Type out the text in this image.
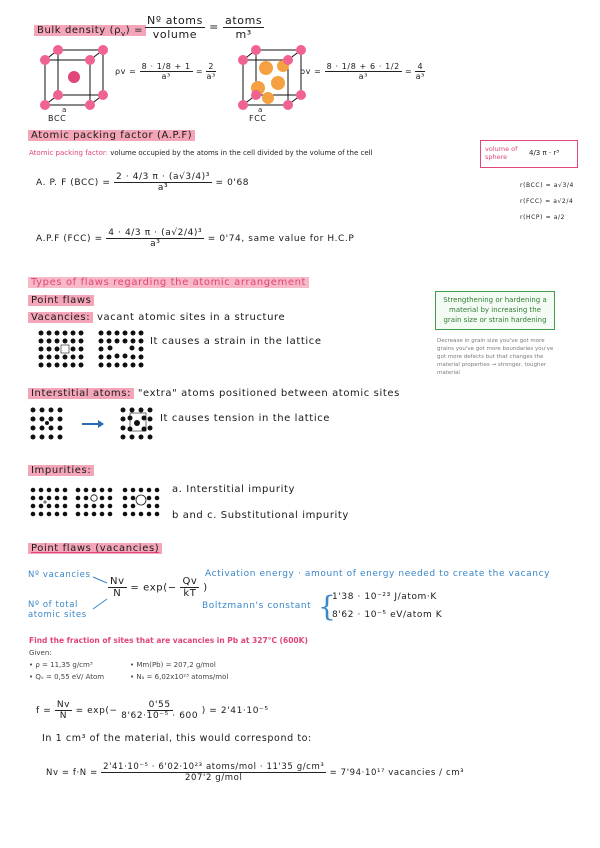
Bulk density $(\rho_v) = \frac{\text{Nº atoms}}{\text{volume}} = \frac{\text{atoms}}{\text{m³}}$
a
BCC
$\rho v = \frac{8 \cdot 1/8 + 1}{\text{a³}} = \frac{2}{\text{a³}}$
a
FCC
$\rho v = \frac{8 \cdot 1/8 + 6 \cdot 1/2}{\text{a³}} = \frac{4}{\text{a³}}$
Atomic packing factor (A.P.F)
Atomic packing factor: volume occupied by the atoms in the cell divided by the volume of the cell
A. P. F $(BCC) = \frac{\text{2 · 4/3 π · (a√3/4)³}}{\text{a³}} = 0'68$
A.P.F $(FCC) = \frac{\text{4 · 4/3 π · (a√2/4)³}}{\text{a³}} = 0'74$, same value for H.C.P
volume of sphere	4/3 π · r³
r(BCC) = a√3/4
r(FCC) = a√2/4
r(HCP) = a/2
Types of flaws regarding the atomic arrangement
Point flaws
Vacancies: vacant atomic sites in a structure
It causes a strain in the lattice
Interstitial atoms: "extra" atoms positioned between atomic sites
It causes tension in the lattice
Impurities:
a. Interstitial impurity
b and c. Substitutional impurity
Strengthening or hardening a material by increasing the grain size or strain hardening
Decrease in grain size you've got more grains you've got more boundaries you've got more defects but that changes the material properties → stronger, tougher material
Point flaws (vacancies)
Nº vacancies
Nº of total atomic sites
$\frac{Nv}{N} = \exp(- \frac{Qv}{kT}$ )
Activation energy · amount of energy needed to create the vacancy
Boltzmann's constant {
1'38 · 10⁻²³ J/atom·K
8'62 · 10⁻⁵ eV/atom K
Find the fraction of sites that are vacancies in Pb at 327°C (600K)
Given:
• ρ = 11,35 g/cm³	• Mm(Pb) = 207,2 g/mol
• Qᵥ = 0,55 eV/ Atom	• Nₐ = 6,02x10²³ atoms/mol
$f = \frac{Nv}{N} = \exp(- \frac{0'55}{\text{8'62·10⁻⁵ · 600}}$ ) = 2'41·10⁻⁵
In 1 cm³ of the material, this would correspond to:
$Nv = f\cdot N = \frac{\text{2'41·10⁻⁵ · 6'02·10²³ atoms/mol · 11'35 g/cm³}}{\text{207'2 g/mol}} = 7'94\cdot 10^{17}$ vacancies / cm³
